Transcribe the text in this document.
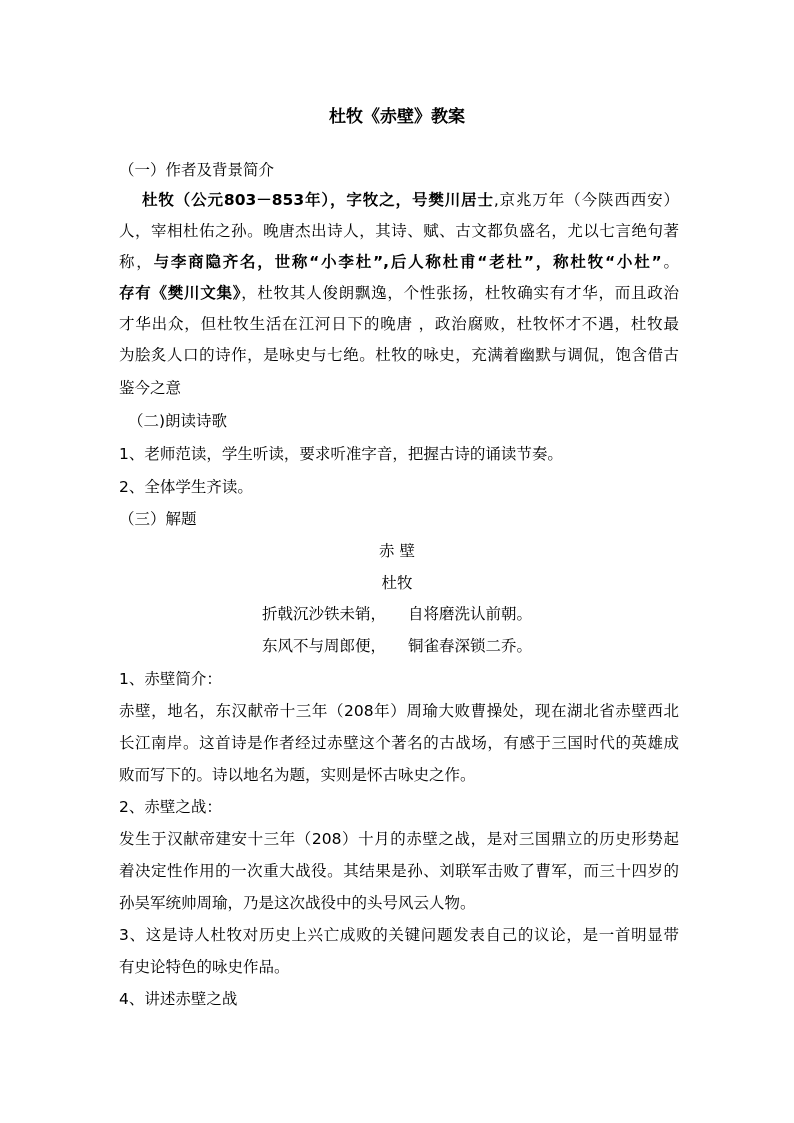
杜牧《赤壁》教案
（一）作者及背景简介
杜牧（公元803－853年），字牧之，号樊川居士,京兆万年（今陕西西安）
人，宰相杜佑之孙。晚唐杰出诗人，其诗、赋、古文都负盛名，尤以七言绝句著
称，与李商隐齐名，世称“小李杜”,后人称杜甫“老杜”，称杜牧“小杜”。
存有《樊川文集》，杜牧其人俊朗飘逸，个性张扬，杜牧确实有才华，而且政治
才华出众，但杜牧生活在江河日下的晚唐 ，政治腐败，杜牧怀才不遇，杜牧最
为脍炙人口的诗作，是咏史与七绝。杜牧的咏史，充满着幽默与调侃，饱含借古
鉴今之意
（二)朗读诗歌
1、老师范读，学生听读，要求听准字音，把握古诗的诵读节奏。
2、全体学生齐读。
（三）解题
赤 壁
杜牧
折戟沉沙铁未销， 自将磨洗认前朝。
东风不与周郎便， 铜雀春深锁二乔。
1、赤壁简介：
赤壁，地名，东汉献帝十三年（208年）周瑜大败曹操处，现在湖北省赤壁西北
长江南岸。这首诗是作者经过赤壁这个著名的古战场，有感于三国时代的英雄成
败而写下的。诗以地名为题，实则是怀古咏史之作。
2、赤壁之战：
发生于汉献帝建安十三年（208）十月的赤壁之战，是对三国鼎立的历史形势起
着决定性作用的一次重大战役。其结果是孙、刘联军击败了曹军，而三十四岁的
孙吴军统帅周瑜，乃是这次战役中的头号风云人物。
3、这是诗人杜牧对历史上兴亡成败的关键问题发表自己的议论，是一首明显带
有史论特色的咏史作品。
4、讲述赤壁之战
